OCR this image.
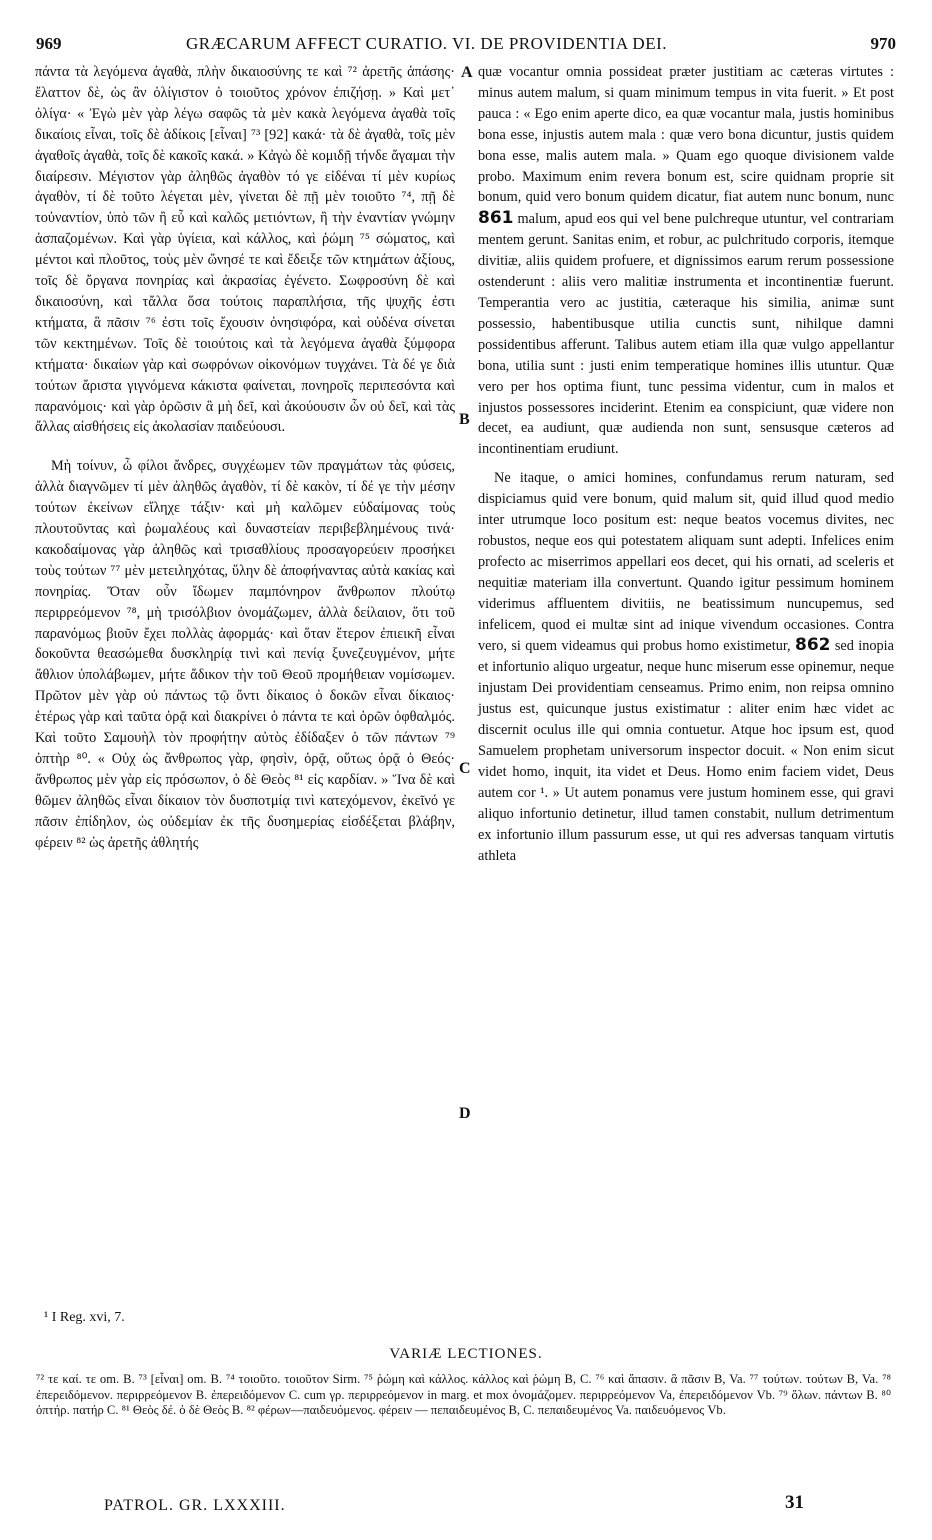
969	GRÆCARUM AFFECT CURATIO. VI. DE PROVIDENTIA DEI.	970

πάντα τὰ λεγόμενα ἀγαθὰ, πλὴν δικαιοσύνης τε καὶ ⁷² ἀρετῆς ἁπάσης· ἔλαττον δὲ, ὡς ἂν ὀλίγιστον ὁ τοιοῦτος χρόνον ἐπιζήσῃ. » Καὶ μετ᾽ ὀλίγα· « Ἐγὼ μὲν γὰρ λέγω σαφῶς τὰ μὲν κακὰ λεγόμενα ἀγαθὰ τοῖς δικαίοις εἶναι, τοῖς δὲ ἀδίκοις [εἶναι] ⁷³ [92] κακά· τὰ δὲ ἀγαθὰ, τοῖς μὲν ἀγαθοῖς ἀγαθὰ, τοῖς δὲ κακοῖς κακά. » Κἀγὼ δὲ κομιδῇ τήνδε ἄγαμαι τὴν διαίρεσιν. Μέγιστον γὰρ ἀληθῶς ἀγαθὸν τό γε εἰδέναι τί μὲν κυρίως ἀγαθὸν, τί δὲ τοῦτο λέγεται μὲν, γίνεται δὲ πῇ μὲν τοιοῦτο ⁷⁴, πῇ δὲ τοὐναντίον, ὑπὸ τῶν ἢ εὖ καὶ καλῶς μετιόντων, ἢ τὴν ἐναντίαν γνώμην ἀσπαζομένων. Καὶ γὰρ ὑγίεια, καὶ κάλλος, καὶ ῥώμη ⁷⁵ σώματος, καὶ μέντοι καὶ πλοῦτος, τοὺς μὲν ὤνησέ τε καὶ ἔδειξε τῶν κτημάτων ἀξίους, τοῖς δὲ ὄργανα πονηρίας καὶ ἀκρασίας ἐγένετο. Σωφροσύνη δὲ καὶ δικαιοσύνη, καὶ τἄλλα ὅσα τούτοις παραπλήσια, τῆς ψυχῆς ἐστι κτήματα, ἃ πᾶσιν ⁷⁶ ἐστι τοῖς ἔχουσιν ὀνησιφόρα, καὶ οὐδένα σίνεται τῶν κεκτημένων. Τοῖς δὲ τοιούτοις καὶ τὰ λεγόμενα ἀγαθὰ ξύμφορα κτήματα· δικαίων γὰρ καὶ σωφρόνων οἰκονόμων τυγχάνει. Τὰ δέ γε διὰ τούτων ἄριστα γιγνόμενα κάκιστα φαίνεται, πονηροῖς περιπεσόντα καὶ παρανόμοις· καὶ γὰρ ὁρῶσιν ἃ μὴ δεῖ, καὶ ἀκούουσιν ὧν οὐ δεῖ, καὶ τὰς ἄλλας αἰσθήσεις εἰς ἀκολασίαν παιδεύουσι.

Μὴ τοίνυν, ὦ φίλοι ἄνδρες, συγχέωμεν τῶν πραγμάτων τὰς φύσεις, ἀλλὰ διαγνῶμεν τί μὲν ἀληθῶς ἀγαθὸν, τί δὲ κακὸν, τί δέ γε τὴν μέσην τούτων ἐκείνων εἴληχε τάξιν· καὶ μὴ καλῶμεν εὐδαίμονας τοὺς πλουτοῦντας καὶ ῥωμαλέους καὶ δυναστείαν περιβεβλημένους τινά· κακοδαίμονας γὰρ ἀληθῶς καὶ τρισαθλίους προσαγορεύειν προσήκει τοὺς τούτων ⁷⁷ μὲν μετειληχότας, ὕλην δὲ ἀποφήναντας αὐτὰ κακίας καὶ πονηρίας. Ὅταν οὖν ἴδωμεν παμπόνηρον ἄνθρωπον πλούτῳ περιρρεόμενον ⁷⁸, μὴ τρισόλβιον ὀνομάζωμεν, ἀλλὰ δείλαιον, ὅτι τοῦ παρανόμως βιοῦν ἔχει πολλὰς ἀφορμάς· καὶ ὅταν ἕτερον ἐπιεικῆ εἶναι δοκοῦντα θεασώμεθα δυσκληρίᾳ τινὶ καὶ πενίᾳ ξυνεζευγμένον, μήτε ἄθλιον ὑπολάβωμεν, μήτε ἄδικον τὴν τοῦ Θεοῦ προμήθειαν νομίσωμεν. Πρῶτον μὲν γὰρ οὐ πάντως τῷ ὄντι δίκαιος ὁ δοκῶν εἶναι δίκαιος· ἑτέρως γὰρ καὶ ταῦτα ὁρᾷ καὶ διακρίνει ὁ πάντα τε καὶ ὁρῶν ὀφθαλμός. Καὶ τοῦτο Σαμουὴλ τὸν προφήτην αὐτὸς ἐδίδαξεν ὁ τῶν πάντων ⁷⁹ ὀπτὴρ ⁸⁰. « Οὐχ ὡς ἄνθρωπος γὰρ, φησὶν, ὁρᾷ, οὕτως ὁρᾷ ὁ Θεός· ἄνθρωπος μὲν γὰρ εἰς πρόσωπον, ὁ δὲ Θεὸς ⁸¹ εἰς καρδίαν. » Ἵνα δὲ καὶ θῶμεν ἀληθῶς εἶναι δίκαιον τὸν δυσποτμίᾳ τινὶ κατεχόμενον, ἐκεῖνό γε πᾶσιν ἐπίδηλον, ὡς οὐδεμίαν ἐκ τῆς δυσημερίας εἰσδέξεται βλάβην, φέρειν ⁸² ὡς ἀρετῆς ἀθλητής

A
B
C
D

quæ vocantur omnia possideat præter justitiam ac cæteras virtutes : minus autem malum, si quam minimum tempus in vita fuerit. » Et post pauca : « Ego enim aperte dico, ea quæ vocantur mala, justis hominibus bona esse, injustis autem mala : quæ vero bona dicuntur, justis quidem bona esse, malis autem mala. » Quam ego quoque divisionem valde probo. Maximum enim revera bonum est, scire quidnam proprie sit bonum, quid vero bonum quidem dicatur, fiat autem nunc bonum, nunc 861 malum, apud eos qui vel bene pulchreque utuntur, vel contrariam mentem gerunt. Sanitas enim, et robur, ac pulchritudo corporis, itemque divitiæ, aliis quidem profuere, et dignissimos earum rerum possessione ostenderunt : aliis vero malitiæ instrumenta et incontinentiæ fuerunt. Temperantia vero ac justitia, cæteraque his similia, animæ sunt possessio, habentibusque utilia cunctis sunt, nihilque damni possidentibus afferunt. Talibus autem etiam illa quæ vulgo appellantur bona, utilia sunt : justi enim temperatique homines illis utuntur. Quæ vero per hos optima fiunt, tunc pessima videntur, cum in malos et injustos possessores inciderint. Etenim ea conspiciunt, quæ videre non decet, ea audiunt, quæ audienda non sunt, sensusque cæteros ad incontinentiam erudiunt.

Ne itaque, o amici homines, confundamus rerum naturam, sed dispiciamus quid vere bonum, quid malum sit, quid illud quod medio inter utrumque loco positum est: neque beatos vocemus divites, nec robustos, neque eos qui potestatem aliquam sunt adepti. Infelices enim profecto ac miserrimos appellari eos decet, qui his ornati, ad sceleris et nequitiæ materiam illa convertunt. Quando igitur pessimum hominem viderimus affluentem divitiis, ne beatissimum nuncupemus, sed infelicem, quod ei multæ sint ad inique vivendum occasiones. Contra vero, si quem videamus qui probus homo existimetur, 862 sed inopia et infortunio aliquo urgeatur, neque hunc miserum esse opinemur, neque injustam Dei providentiam censeamus. Primo enim, non reipsa omnino justus est, quicunque justus existimatur : aliter enim hæc videt ac discernit oculus ille qui omnia contuetur. Atque hoc ipsum est, quod Samuelem prophetam universorum inspector docuit. « Non enim sicut videt homo, inquit, ita videt et Deus. Homo enim faciem videt, Deus autem cor ¹. » Ut autem ponamus vere justum hominem esse, qui gravi aliquo infortunio detinetur, illud tamen constabit, nullum detrimentum ex infortunio illum passurum esse, ut qui res adversas tanquam virtutis athleta

¹ I Reg. xvi, 7.
VARIÆ LECTIONES.
⁷² τε καί. τε om. B. ⁷³ [εἶναι] om. B. ⁷⁴ τοιοῦτο. τοιοῦτον Sirm. ⁷⁵ ῥώμη καὶ κάλλος. κάλλος καὶ ῥώμη B, C. ⁷⁶ καὶ ἅπασιν. ἃ πᾶσιν B, Va. ⁷⁷ τούτων. τούτων B, Va. ⁷⁸ ἐπερειδόμενον. περιρρεόμενον B. ἐπερειδόμενον C. cum γρ. περιρρεόμενον in marg. et mox ὀνομάζομεν. περιρρεόμενον Va, ἐπερειδόμενον Vb. ⁷⁹ ὅλων. πάντων B. ⁸⁰ ὀπτήρ. πατήρ C. ⁸¹ Θεὸς δέ. ὁ δὲ Θεὸς B. ⁸² φέρων—παιδευόμενος. φέρειν — πεπαιδευμένος B, C. πεπαιδευμένος Va. παιδευόμενος Vb.
PATROL. GR. LXXXIII.	31
